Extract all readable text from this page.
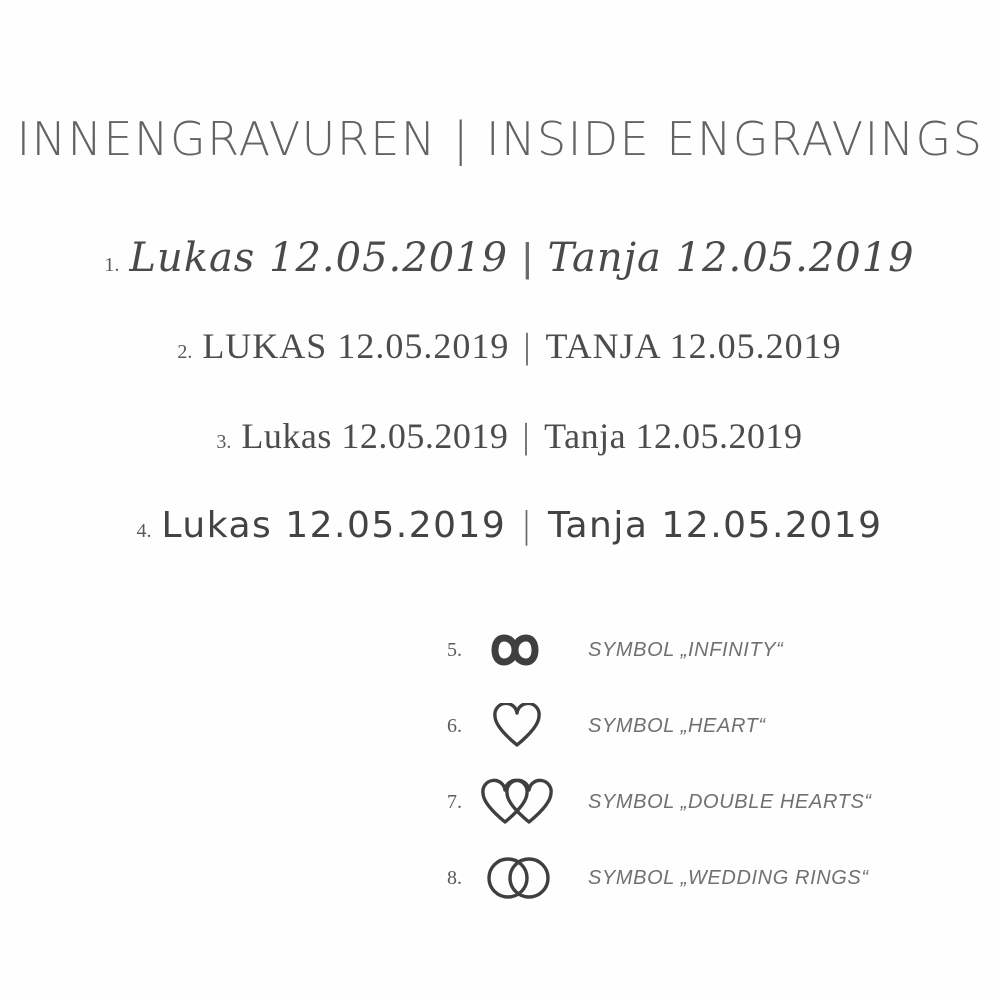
INNENGRAVUREN | INSIDE ENGRAVINGS
1. Lukas 12.05.2019 | Tanja 12.05.2019
2. LUKAS 12.05.2019 | TANJA 12.05.2019
3. Lukas 12.05.2019 | Tanja 12.05.2019
4. Lukas 12.05.2019 | Tanja 12.05.2019
5.	SYMBOL „INFINITY“
6.	SYMBOL „HEART“
7.	SYMBOL „DOUBLE HEARTS“
8.	SYMBOL „WEDDING RINGS“
